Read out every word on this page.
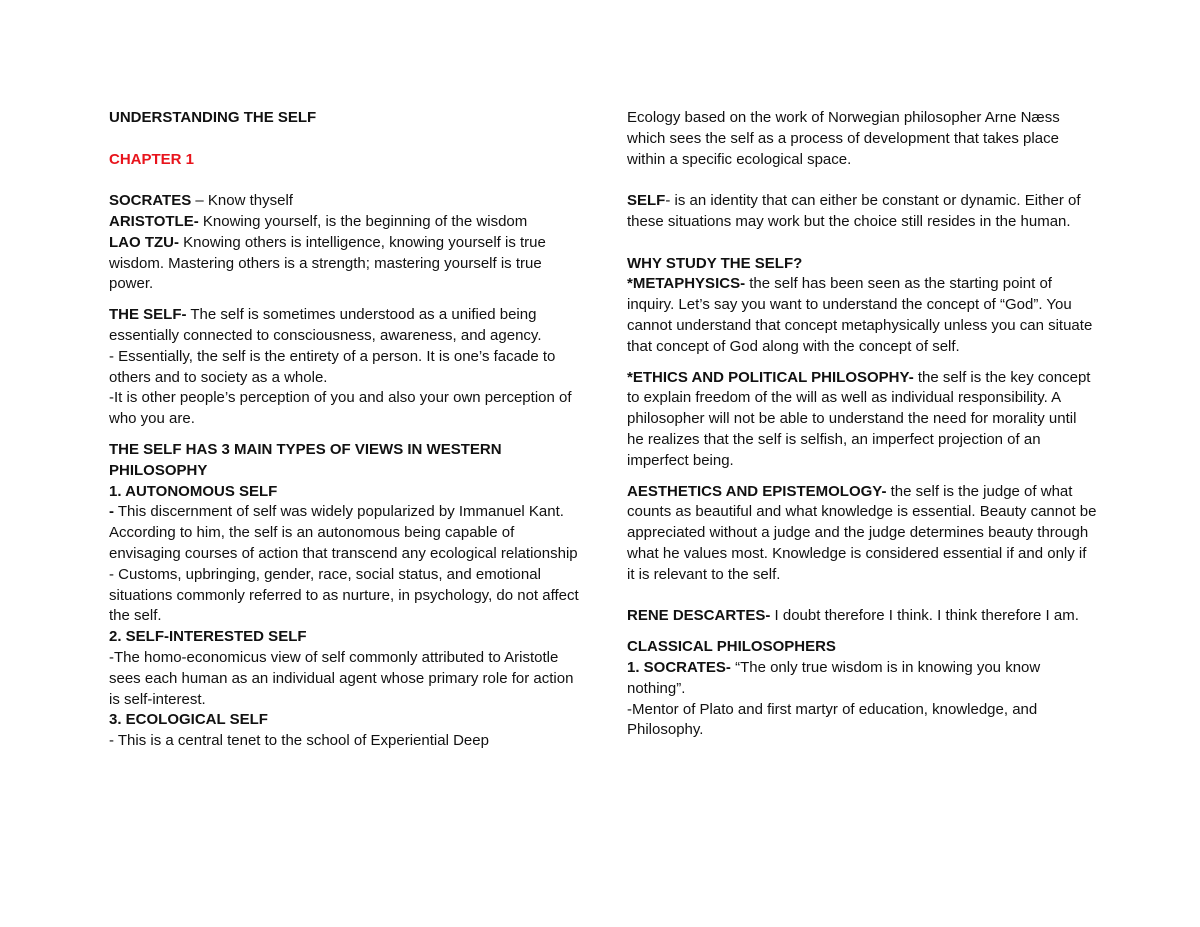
UNDERSTANDING THE SELF

CHAPTER 1

SOCRATES – Know thyself

ARISTOTLE- Knowing yourself, is the beginning of the wisdom

LAO TZU- Knowing others is intelligence, knowing yourself is true wisdom. Mastering others is a strength; mastering yourself is true power.

THE SELF- The self is sometimes understood as a unified being essentially connected to consciousness, awareness, and agency.

- Essentially, the self is the entirety of a person. It is one’s facade to others and to society as a whole.

-It is other people’s perception of you and also your own perception of who you are.

THE SELF HAS 3 MAIN TYPES OF VIEWS IN WESTERN PHILOSOPHY

1. AUTONOMOUS SELF

- This discernment of self was widely popularized by Immanuel Kant. According to him, the self is an autonomous being capable of envisaging courses of action that transcend any ecological relationship

- Customs, upbringing, gender, race, social status, and emotional situations commonly referred to as nurture, in psychology, do not affect the self.

2. SELF-INTERESTED SELF

-The homo-economicus view of self commonly attributed to Aristotle sees each human as an individual agent whose primary role for action is self-interest.

3. ECOLOGICAL SELF

- This is a central tenet to the school of Experiential Deep

Ecology based on the work of Norwegian philosopher Arne Næss which sees the self as a process of development that takes place within a specific ecological space.

SELF- is an identity that can either be constant or dynamic. Either of these situations may work but the choice still resides in the human.

WHY STUDY THE SELF?

*METAPHYSICS- the self has been seen as the starting point of inquiry. Let’s say you want to understand the concept of “God”. You cannot understand that concept metaphysically unless you can situate that concept of God along with the concept of self.

*ETHICS AND POLITICAL PHILOSOPHY- the self is the key concept to explain freedom of the will as well as individual responsibility. A philosopher will not be able to understand the need for morality until he realizes that the self is selfish, an imperfect projection of an imperfect being.

AESTHETICS AND EPISTEMOLOGY- the self is the judge of what counts as beautiful and what knowledge is essential. Beauty cannot be appreciated without a judge and the judge determines beauty through what he values most. Knowledge is considered essential if and only if it is relevant to the self.

RENE DESCARTES- I doubt therefore I think. I think therefore I am.

CLASSICAL PHILOSOPHERS

1. SOCRATES- “The only true wisdom is in knowing you know nothing”.

-Mentor of Plato and first martyr of education, knowledge, and Philosophy.
